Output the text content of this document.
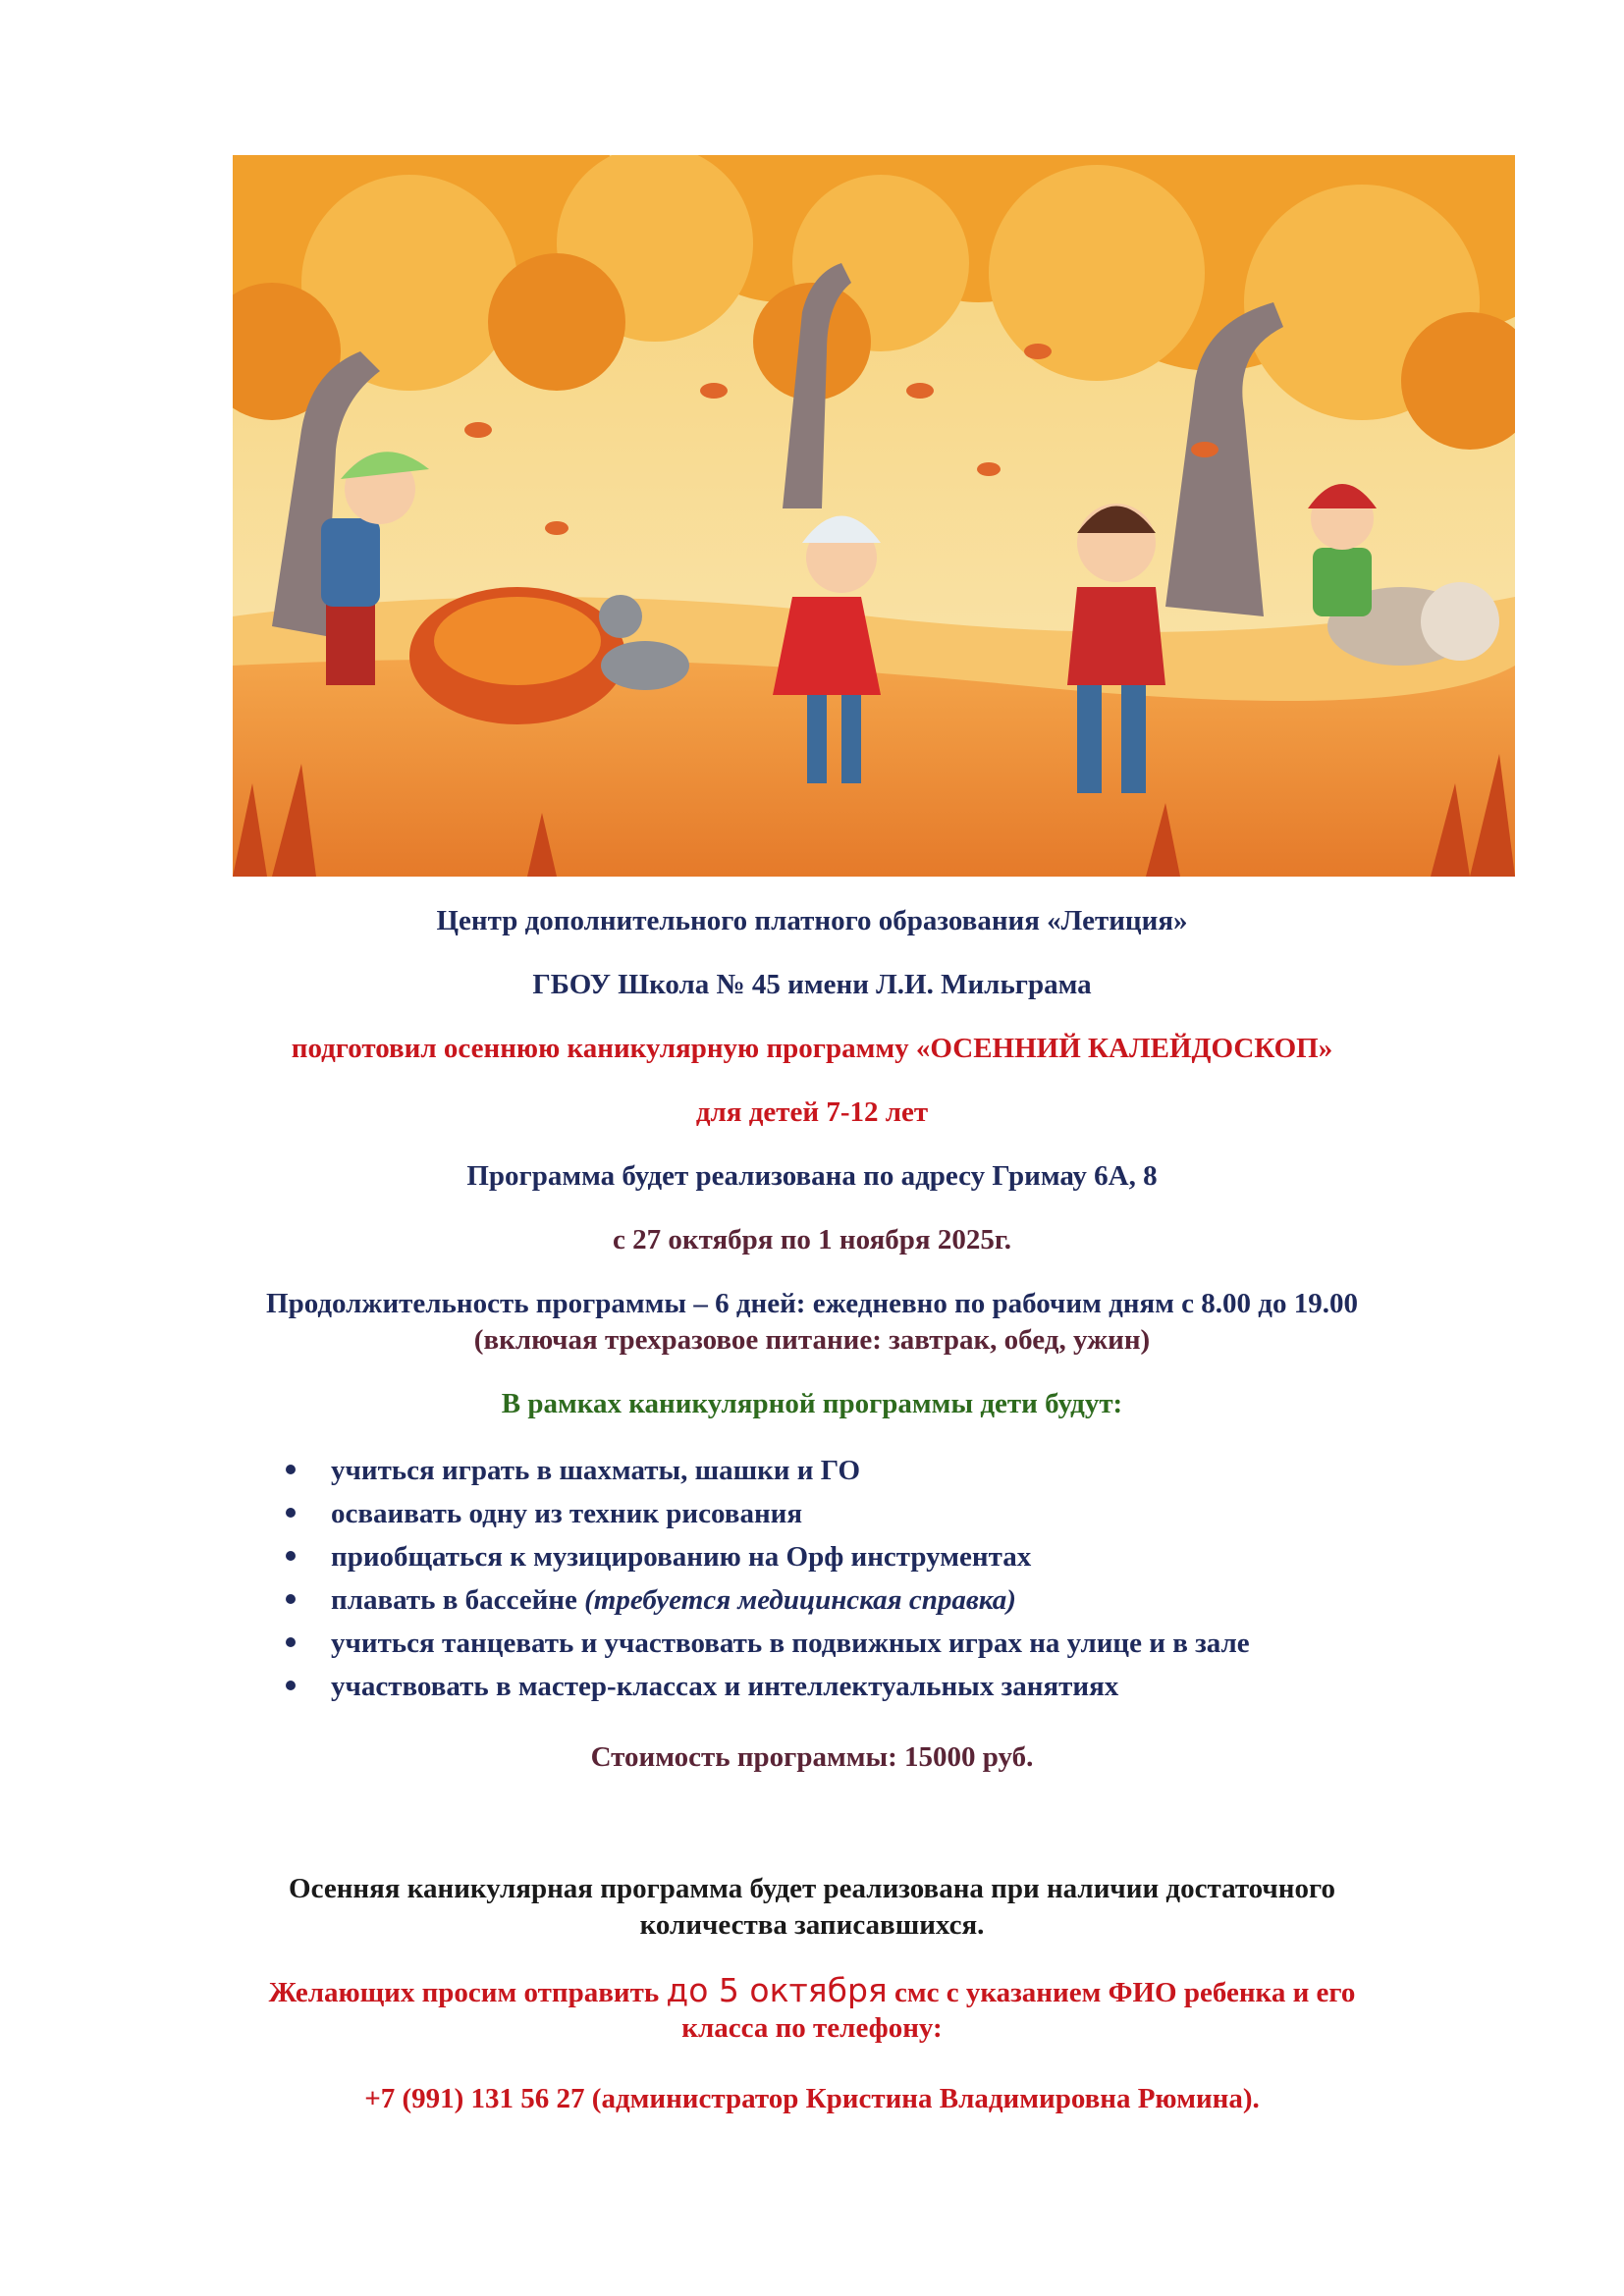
Центр дополнительного платного образования «Летиция»
ГБОУ Школа № 45 имени Л.И. Мильграма
подготовил осеннюю каникулярную программу «ОСЕННИЙ КАЛЕЙДОСКОП»
для детей 7-12 лет
Программа будет реализована по адресу Гримау 6А, 8
с 27 октября по 1 ноября 2025г.
Продолжительность программы – 6 дней: ежедневно по рабочим дням с 8.00 до 19.00
(включая трехразовое питание: завтрак, обед, ужин)
В рамках каникулярной программы дети будут:
учиться играть в шахматы, шашки и ГО
осваивать одну из техник рисования
приобщаться к музицированию на Орф инструментах
плавать в бассейне (требуется медицинская справка)
учиться танцевать и участвовать в подвижных играх на улице и в зале
участвовать в мастер-классах и интеллектуальных занятиях
Стоимость программы: 15000 руб.
Осенняя каникулярная программа будет реализована при наличии достаточного
количества записавшихся.
Желающих просим отправить до 5 октября смс с указанием ФИО ребенка и его
класса по телефону:
+7 (991) 131 56 27 (администратор Кристина Владимировна Рюмина).
